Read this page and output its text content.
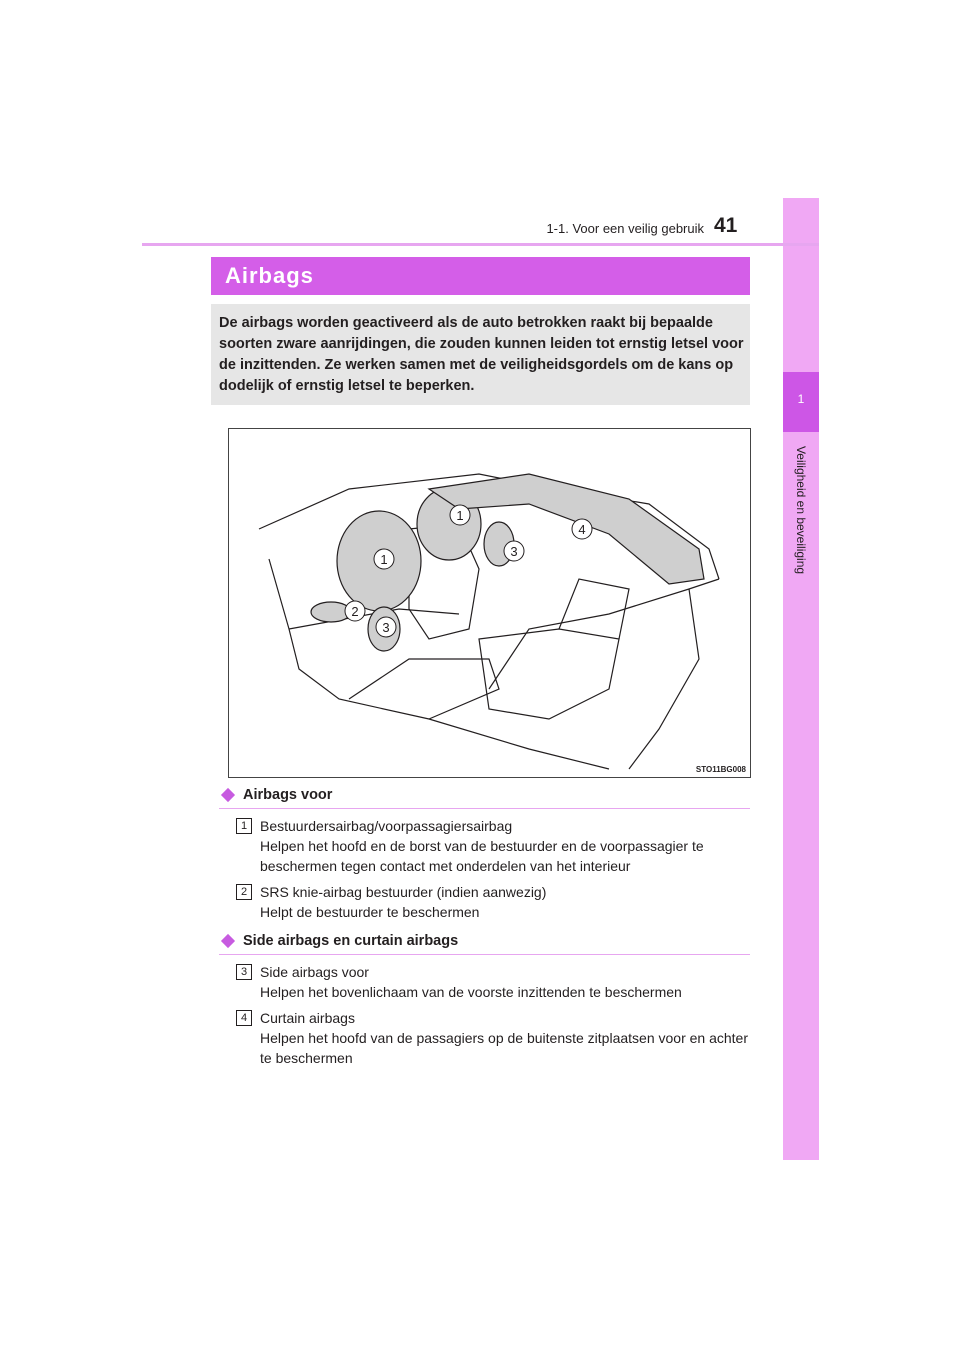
1
Veiligheid en beveiliging
1-1. Voor een veilig gebruik 41
Airbags
De airbags worden geactiveerd als de auto betrokken raakt bij bepaalde soorten zware aanrijdingen, die zouden kunnen leiden tot ernstig letsel voor de inzittenden. Ze werken samen met de veiligheidsgordels om de kans op dodelijk of ernstig letsel te beperken.
1
1
2
3
3
4
STO11BG008
Airbags voor
1 Bestuurdersairbag/voorpassagiersairbag
Helpen het hoofd en de borst van de bestuurder en de voorpassagier te beschermen tegen contact met onderdelen van het interieur
2 SRS knie-airbag bestuurder (indien aanwezig)
Helpt de bestuurder te beschermen
Side airbags en curtain airbags
3 Side airbags voor
Helpen het bovenlichaam van de voorste inzittenden te beschermen
4 Curtain airbags
Helpen het hoofd van de passagiers op de buitenste zitplaatsen voor en achter te beschermen
